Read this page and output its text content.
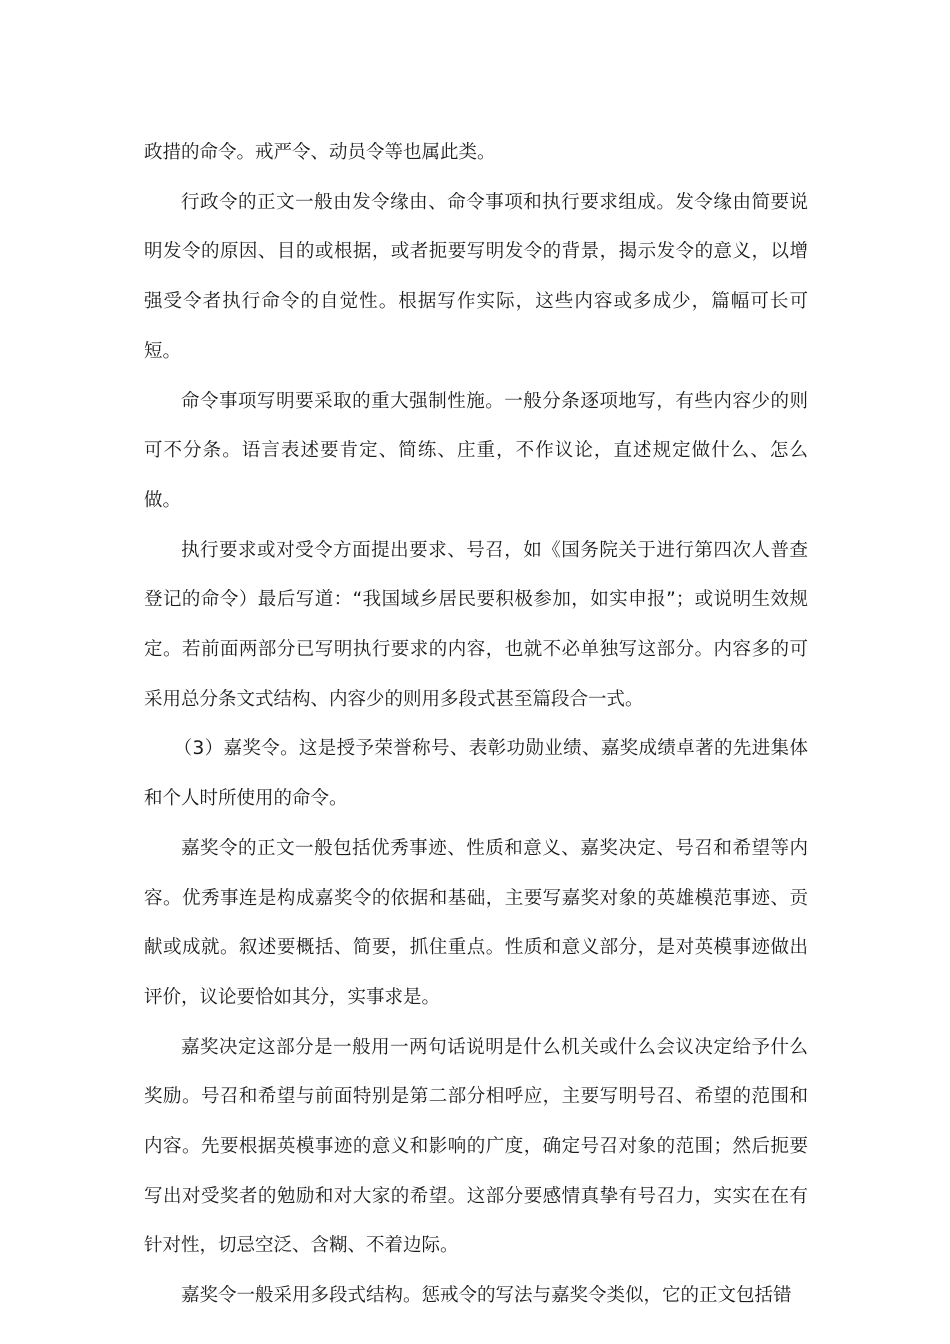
政措的命令。戒严令、动员令等也属此类。

行政令的正文一般由发令缘由、命令事项和执行要求组成。发令缘由简要说明发令的原因、目的或根据，或者扼要写明发令的背景，揭示发令的意义，以增强受令者执行命令的自觉性。根据写作实际，这些内容或多成少，篇幅可长可短。

命令事项写明要采取的重大强制性施。一般分条逐项地写，有些内容少的则可不分条。语言表述要肯定、简练、庄重，不作议论，直述规定做什么、怎么做。

执行要求或对受令方面提出要求、号召，如《国务院关于进行第四次人普查登记的命令）最后写道：“我国域乡居民要积极参加，如实申报”；或说明生效规定。若前面两部分已写明执行要求的内容，也就不必单独写这部分。内容多的可采用总分条文式结构、内容少的则用多段式甚至篇段合一式。

（3）嘉奖令。这是授予荣誉称号、表彰功勋业绩、嘉奖成绩卓著的先进集体和个人时所使用的命令。

嘉奖令的正文一般包括优秀事迹、性质和意义、嘉奖决定、号召和希望等内容。优秀事连是构成嘉奖令的依据和基础，主要写嘉奖对象的英雄模范事迹、贡献或成就。叙述要概括、简要，抓住重点。性质和意义部分，是对英模事迹做出评价，议论要恰如其分，实事求是。

嘉奖决定这部分是一般用一两句话说明是什么机关或什么会议决定给予什么奖励。号召和希望与前面特别是第二部分相呼应，主要写明号召、希望的范围和内容。先要根据英模事迹的意义和影响的广度，确定号召对象的范围；然后扼要写出对受奖者的勉励和对大家的希望。这部分要感情真挚有号召力，实实在在有针对性，切忌空泛、含糊、不着边际。

嘉奖令一般采用多段式结构。惩戒令的写法与嘉奖令类似，它的正文包括错
